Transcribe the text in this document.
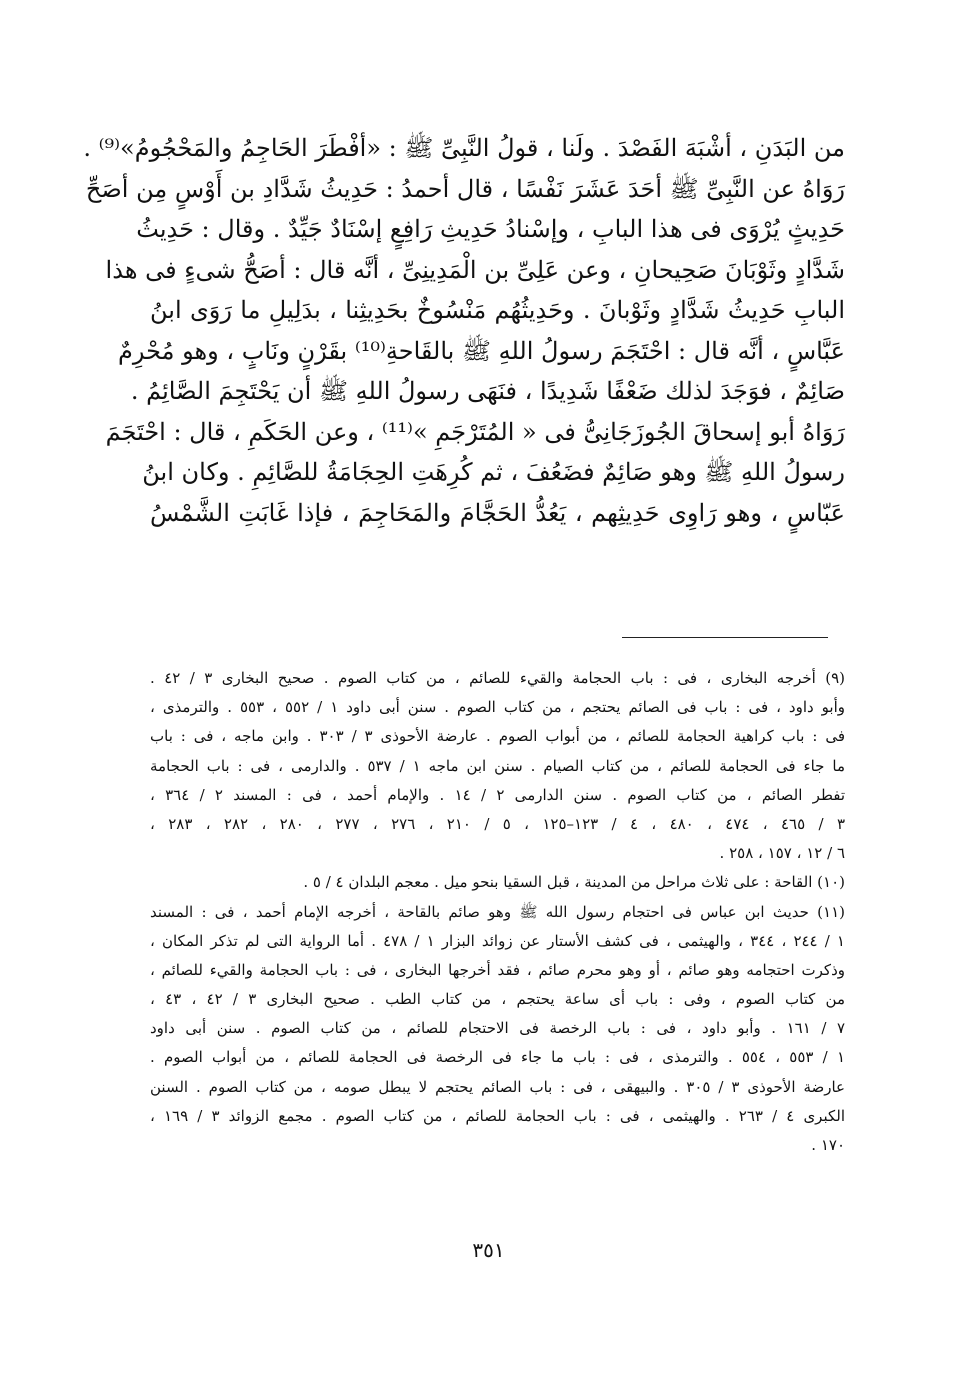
من البَدَنِ ، أشْبَهَ الفَصْدَ . ولَنا ، قولُ النَّبِىِّ ﷺ : «أفْطَرَ الحَاجِمُ والمَحْجُومُ»⁽⁹⁾ .
رَوَاهُ عن النَّبِىِّ ﷺ أحَدَ عَشَرَ نَفْسًا ، قال أحمدُ : حَدِيثُ شَدَّادِ بن أَوْسٍ مِن أصَحِّ
حَدِيثٍ يُرْوَى فى هذا البابِ ، وإسْنادُ حَدِيثِ رَافِعٍ إسْنَادٌ جَيِّدٌ . وقال : حَدِيثُ
شَدَّادٍ وثَوْبَانَ صَحِيحانِ ، وعن عَلِىِّ بن الْمَدِينِىِّ ، أنَّه قال : أصَحُّ شىءٍ فى هذا
البابِ حَدِيثُ شَدَّادٍ وثَوْبانَ . وحَدِيثُهُم مَنْسُوخٌ بحَدِيثِنا ، بدَلِيلِ ما رَوَى ابنُ
عَبَّاسٍ ، أنَّه قال : احْتَجَمَ رسولُ اللهِ ﷺ بالقَاحةِ⁽¹⁰⁾ بقَرْنٍ ونَابٍ ، وهو مُحْرِمٌ
صَائِمٌ ، فوَجَدَ لذلك ضَعْفًا شَدِيدًا ، فنَهَى رسولُ اللهِ ﷺ أن يَحْتَجِمَ الصَّائِمُ .
رَوَاهُ أبو إسحاقَ الجُوزَجَانِىُّ فى « المُتَرْجَمِ »⁽¹¹⁾ ، وعن الحَكَمِ ، قال : احْتَجَمَ
رسولُ اللهِ ﷺ وهو صَائِمٌ فضَعُفَ ، ثم كُرِهَتِ الحِجَامَةُ للصَّائِمِ . وكان ابنُ
عَبّاسٍ ، وهو رَاوِى حَدِيثِهم ، يَعُدُّ الحَجَّامَ والمَحَاجِمَ ، فإذا غَابَتِ الشَّمْسُ
(٩) أخرجه البخارى ، فى : باب الحجامة والقيء للصائم ، من كتاب الصوم . صحيح البخارى ٣ / ٤٢ .
وأبو داود ، فى : باب فى الصائم يحتجم ، من كتاب الصوم . سنن أبى داود ١ / ٥٥٢ ، ٥٥٣ . والترمذى ،
فى : باب كراهية الحجامة للصائم ، من أبواب الصوم . عارضة الأحوذى ٣ / ٣٠٣ . وابن ماجه ، فى : باب
ما جاء فى الحجامة للصائم ، من كتاب الصيام . سنن ابن ماجه ١ / ٥٣٧ . والدارمى ، فى : باب الحجامة
تفطر الصائم ، من كتاب الصوم . سنن الدارمى ٢ / ١٤ . والإمام أحمد ، فى : المسند ٢ / ٣٦٤ ،
٣ / ٤٦٥ ، ٤٧٤ ، ٤٨٠ ، ٤ / ١٢٣–١٢٥ ، ٥ / ٢١٠ ، ٢٧٦ ، ٢٧٧ ، ٢٨٠ ، ٢٨٢ ، ٢٨٣ ،
٦ / ١٢ ، ١٥٧ ، ٢٥٨ .
(١٠) القاحة : على ثلاث مراحل من المدينة ، قبل السقيا بنحو ميل . معجم البلدان ٤ / ٥ .
(١١) حديث ابن عباس فى احتجام رسول الله ﷺ وهو صائم بالقاحة ، أخرجه الإمام أحمد ، فى : المسند
١ / ٢٤٤ ، ٣٤٤ ، والهيثمى ، فى كشف الأستار عن زوائد البزار ١ / ٤٧٨ . أما الرواية التى لم تذكر المكان ،
وذكرت احتجامه وهو صائم ، أو وهو محرم صائم ، فقد أخرجها البخارى ، فى : باب الحجامة والقيء للصائم ،
من كتاب الصوم ، وفى : باب أى ساعة يحتجم ، من كتاب الطب . صحيح البخارى ٣ / ٤٢ ، ٤٣ ،
٧ / ١٦١ . وأبو داود ، فى : باب الرخصة فى الاحتجام للصائم ، من كتاب الصوم . سنن أبى داود
١ / ٥٥٣ ، ٥٥٤ . والترمذى ، فى : باب ما جاء فى الرخصة فى الحجامة للصائم ، من أبواب الصوم .
عارضة الأحوذى ٣ / ٣٠٥ . والبيهقى ، فى : باب الصائم يحتجم لا يبطل صومه ، من كتاب الصوم . السنن
الكبرى ٤ / ٢٦٣ . والهيثمى ، فى : باب الحجامة للصائم ، من كتاب الصوم . مجمع الزوائد ٣ / ١٦٩ ،
١٧٠ .
٣٥١
